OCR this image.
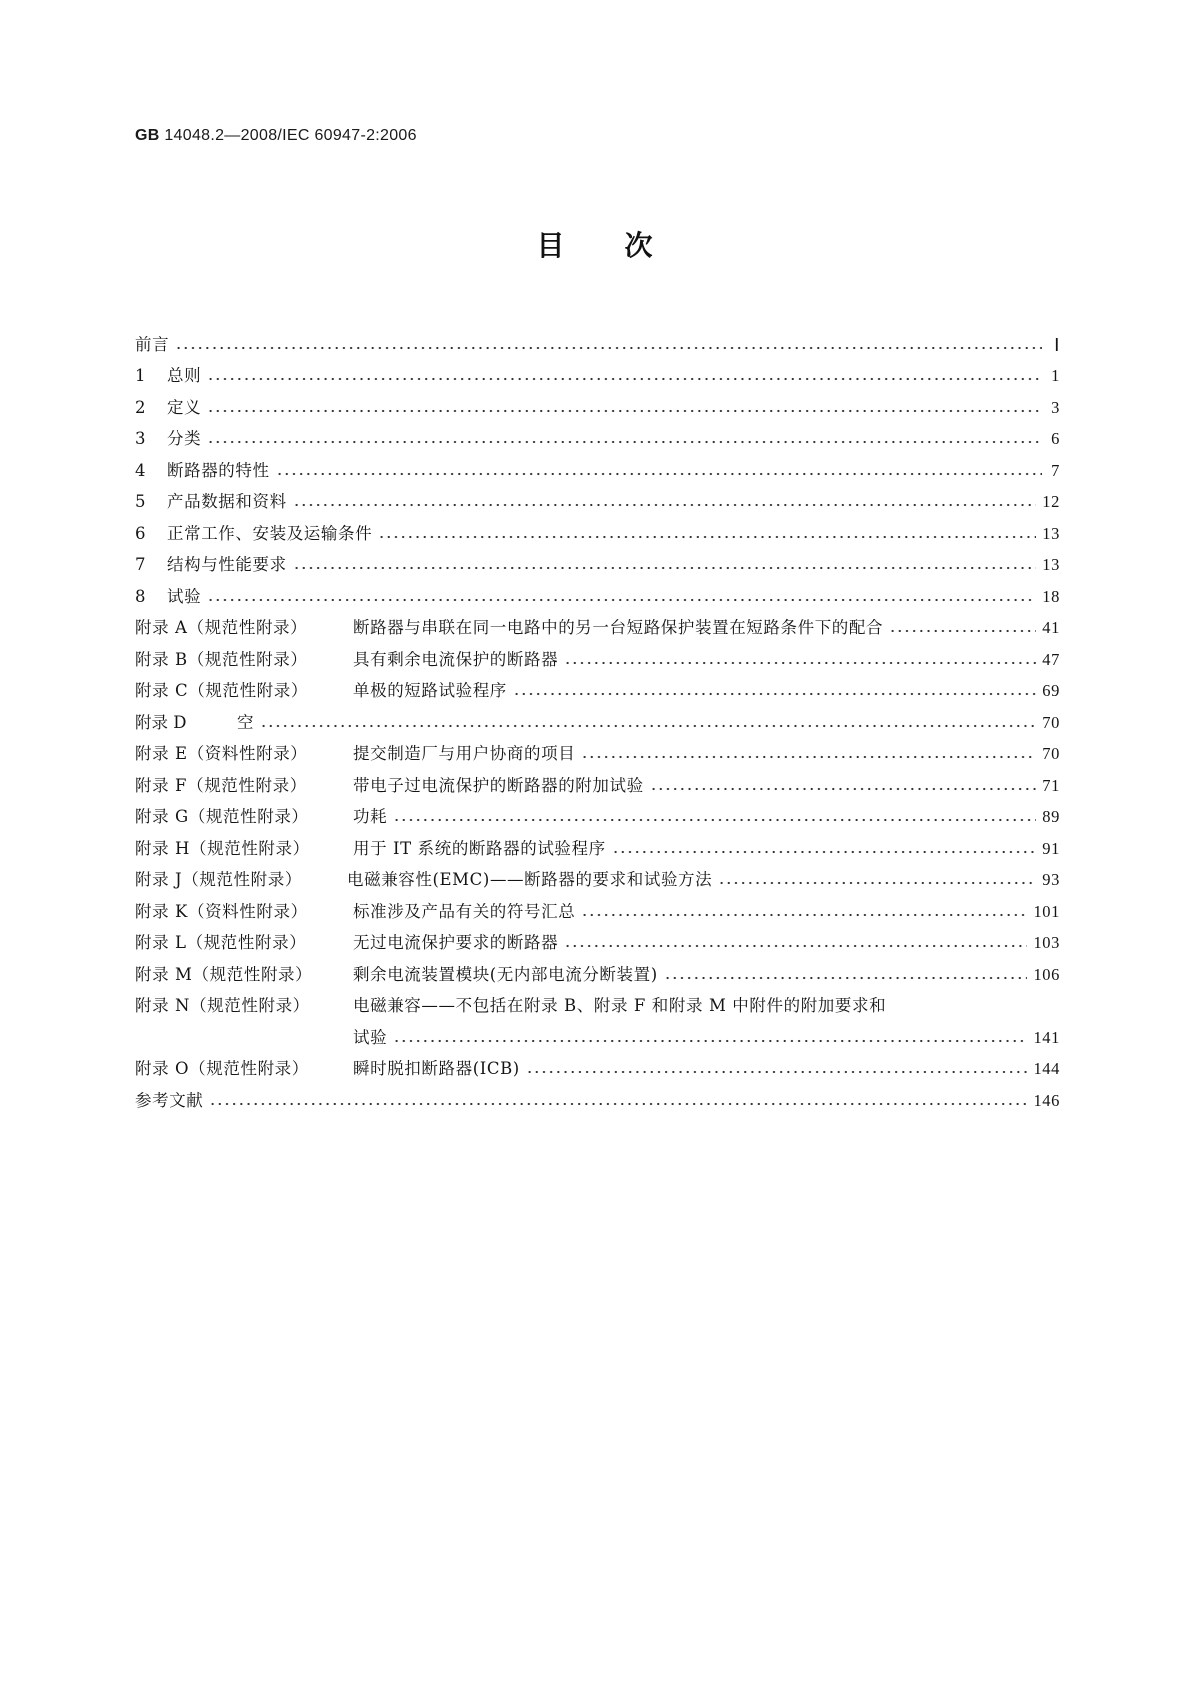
GB 14048.2—2008/IEC 60947-2:2006
目 次
前言	Ⅰ
1	总则	1
2	定义	3
3	分类	6
4	断路器的特性	7
5	产品数据和资料	12
6	正常工作、安装及运输条件	13
7	结构与性能要求	13
8	试验	18
附录 A（规范性附录）	断路器与串联在同一电路中的另一台短路保护装置在短路条件下的配合	41
附录 B（规范性附录）	具有剩余电流保护的断路器	47
附录 C（规范性附录）	单极的短路试验程序	69
附录 D	空	70
附录 E（资料性附录）	提交制造厂与用户协商的项目	70
附录 F（规范性附录）	带电子过电流保护的断路器的附加试验	71
附录 G（规范性附录）	功耗	89
附录 H（规范性附录）	用于 IT 系统的断路器的试验程序	91
附录 J（规范性附录）	电磁兼容性(EMC)——断路器的要求和试验方法	93
附录 K（资料性附录）	标准涉及产品有关的符号汇总	101
附录 L（规范性附录）	无过电流保护要求的断路器	103
附录 M（规范性附录）	剩余电流装置模块(无内部电流分断装置)	106
附录 N（规范性附录）	电磁兼容——不包括在附录 B、附录 F 和附录 M 中附件的附加要求和
试验	141
附录 O（规范性附录）	瞬时脱扣断路器(ICB)	144
参考文献	146
